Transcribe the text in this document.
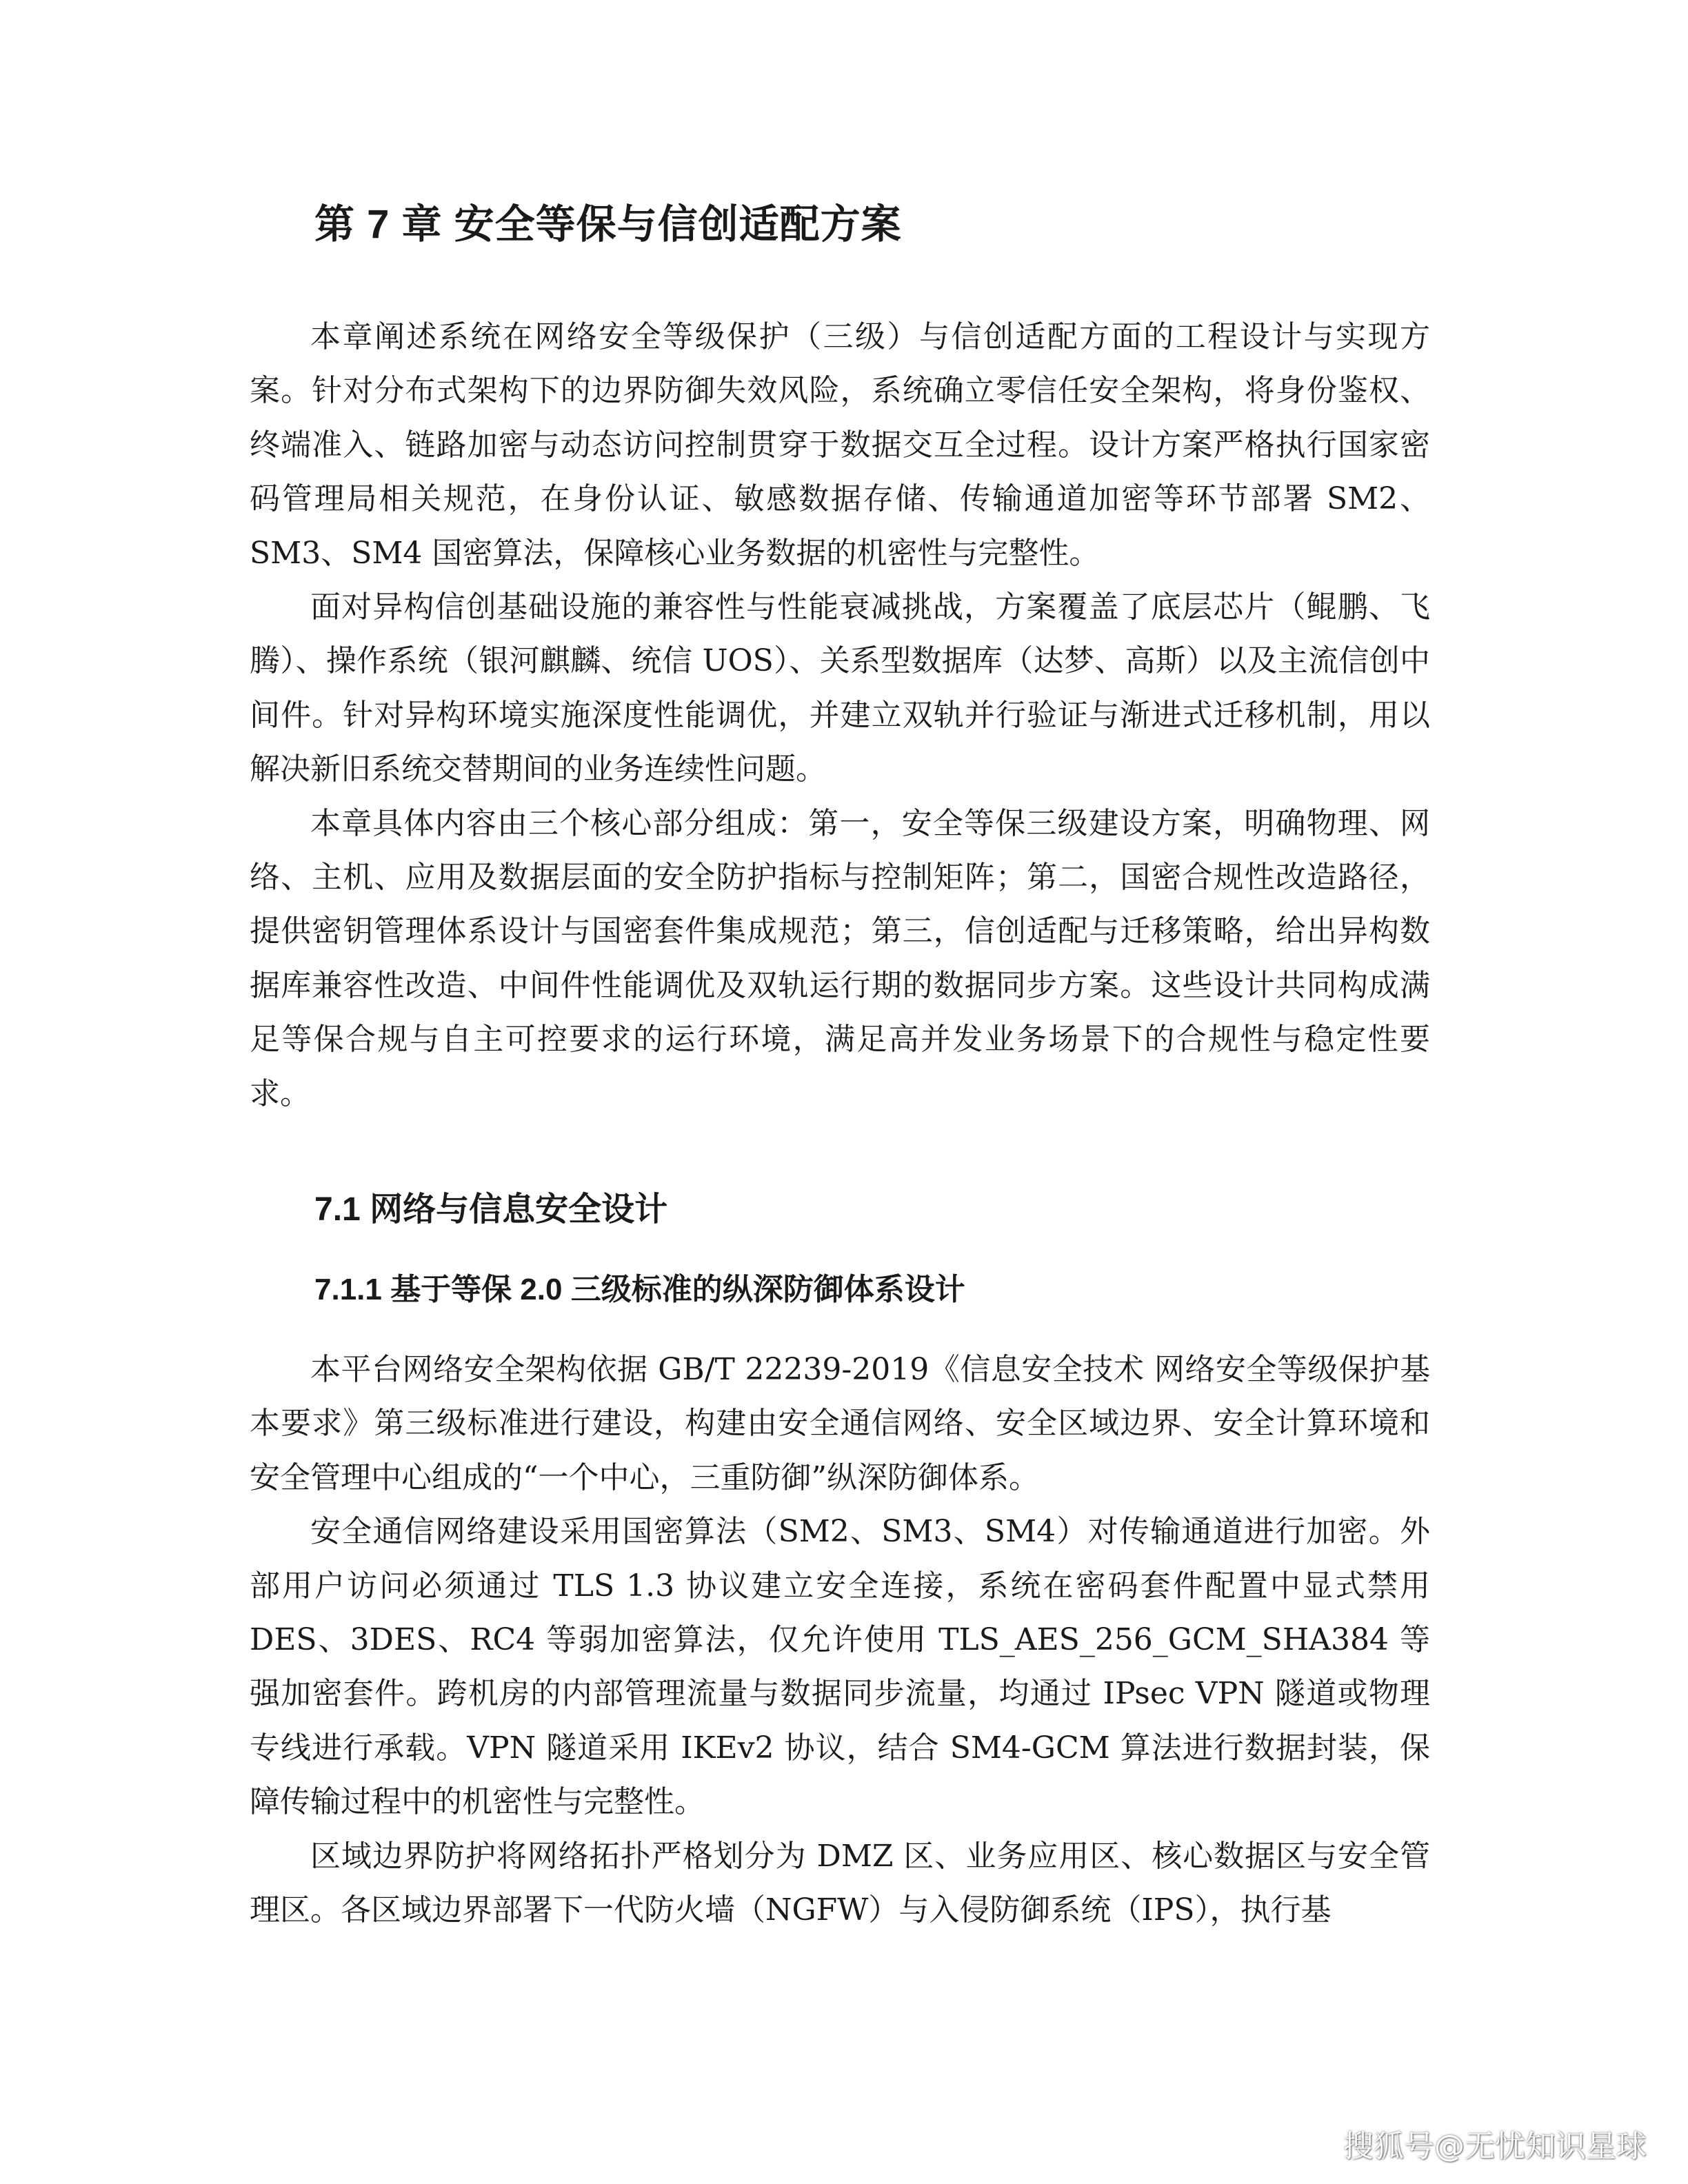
第 7 章 安全等保与信创适配方案

本章阐述系统在网络安全等级保护（三级）与信创适配方面的工程设计与实现方案。针对分布式架构下的边界防御失效风险，系统确立零信任安全架构，将身份鉴权、终端准入、链路加密与动态访问控制贯穿于数据交互全过程。设计方案严格执行国家密码管理局相关规范，在身份认证、敏感数据存储、传输通道加密等环节部署 SM2、SM3、SM4 国密算法，保障核心业务数据的机密性与完整性。

面对异构信创基础设施的兼容性与性能衰减挑战，方案覆盖了底层芯片（鲲鹏、飞腾）、操作系统（银河麒麟、统信 UOS）、关系型数据库（达梦、高斯）以及主流信创中间件。针对异构环境实施深度性能调优，并建立双轨并行验证与渐进式迁移机制，用以解决新旧系统交替期间的业务连续性问题。

本章具体内容由三个核心部分组成：第一，安全等保三级建设方案，明确物理、网络、主机、应用及数据层面的安全防护指标与控制矩阵；第二，国密合规性改造路径，提供密钥管理体系设计与国密套件集成规范；第三，信创适配与迁移策略，给出异构数据库兼容性改造、中间件性能调优及双轨运行期的数据同步方案。这些设计共同构成满足等保合规与自主可控要求的运行环境，满足高并发业务场景下的合规性与稳定性要求。

7.1 网络与信息安全设计
7.1.1 基于等保 2.0 三级标准的纵深防御体系设计

本平台网络安全架构依据 GB/T 22239-2019《信息安全技术 网络安全等级保护基本要求》第三级标准进行建设，构建由安全通信网络、安全区域边界、安全计算环境和安全管理中心组成的“一个中心，三重防御”纵深防御体系。

安全通信网络建设采用国密算法（SM2、SM3、SM4）对传输通道进行加密。外部用户访问必须通过 TLS 1.3 协议建立安全连接，系统在密码套件配置中显式禁用 DES、3DES、RC4 等弱加密算法，仅允许使用 TLS_AES_256_GCM_SHA384 等强加密套件。跨机房的内部管理流量与数据同步流量，均通过 IPsec VPN 隧道或物理专线进行承载。VPN 隧道采用 IKEv2 协议，结合 SM4-GCM 算法进行数据封装，保障传输过程中的机密性与完整性。

区域边界防护将网络拓扑严格划分为 DMZ 区、业务应用区、核心数据区与安全管理区。各区域边界部署下一代防火墙（NGFW）与入侵防御系统（IPS），执行基

搜狐号@无忧知识星球
